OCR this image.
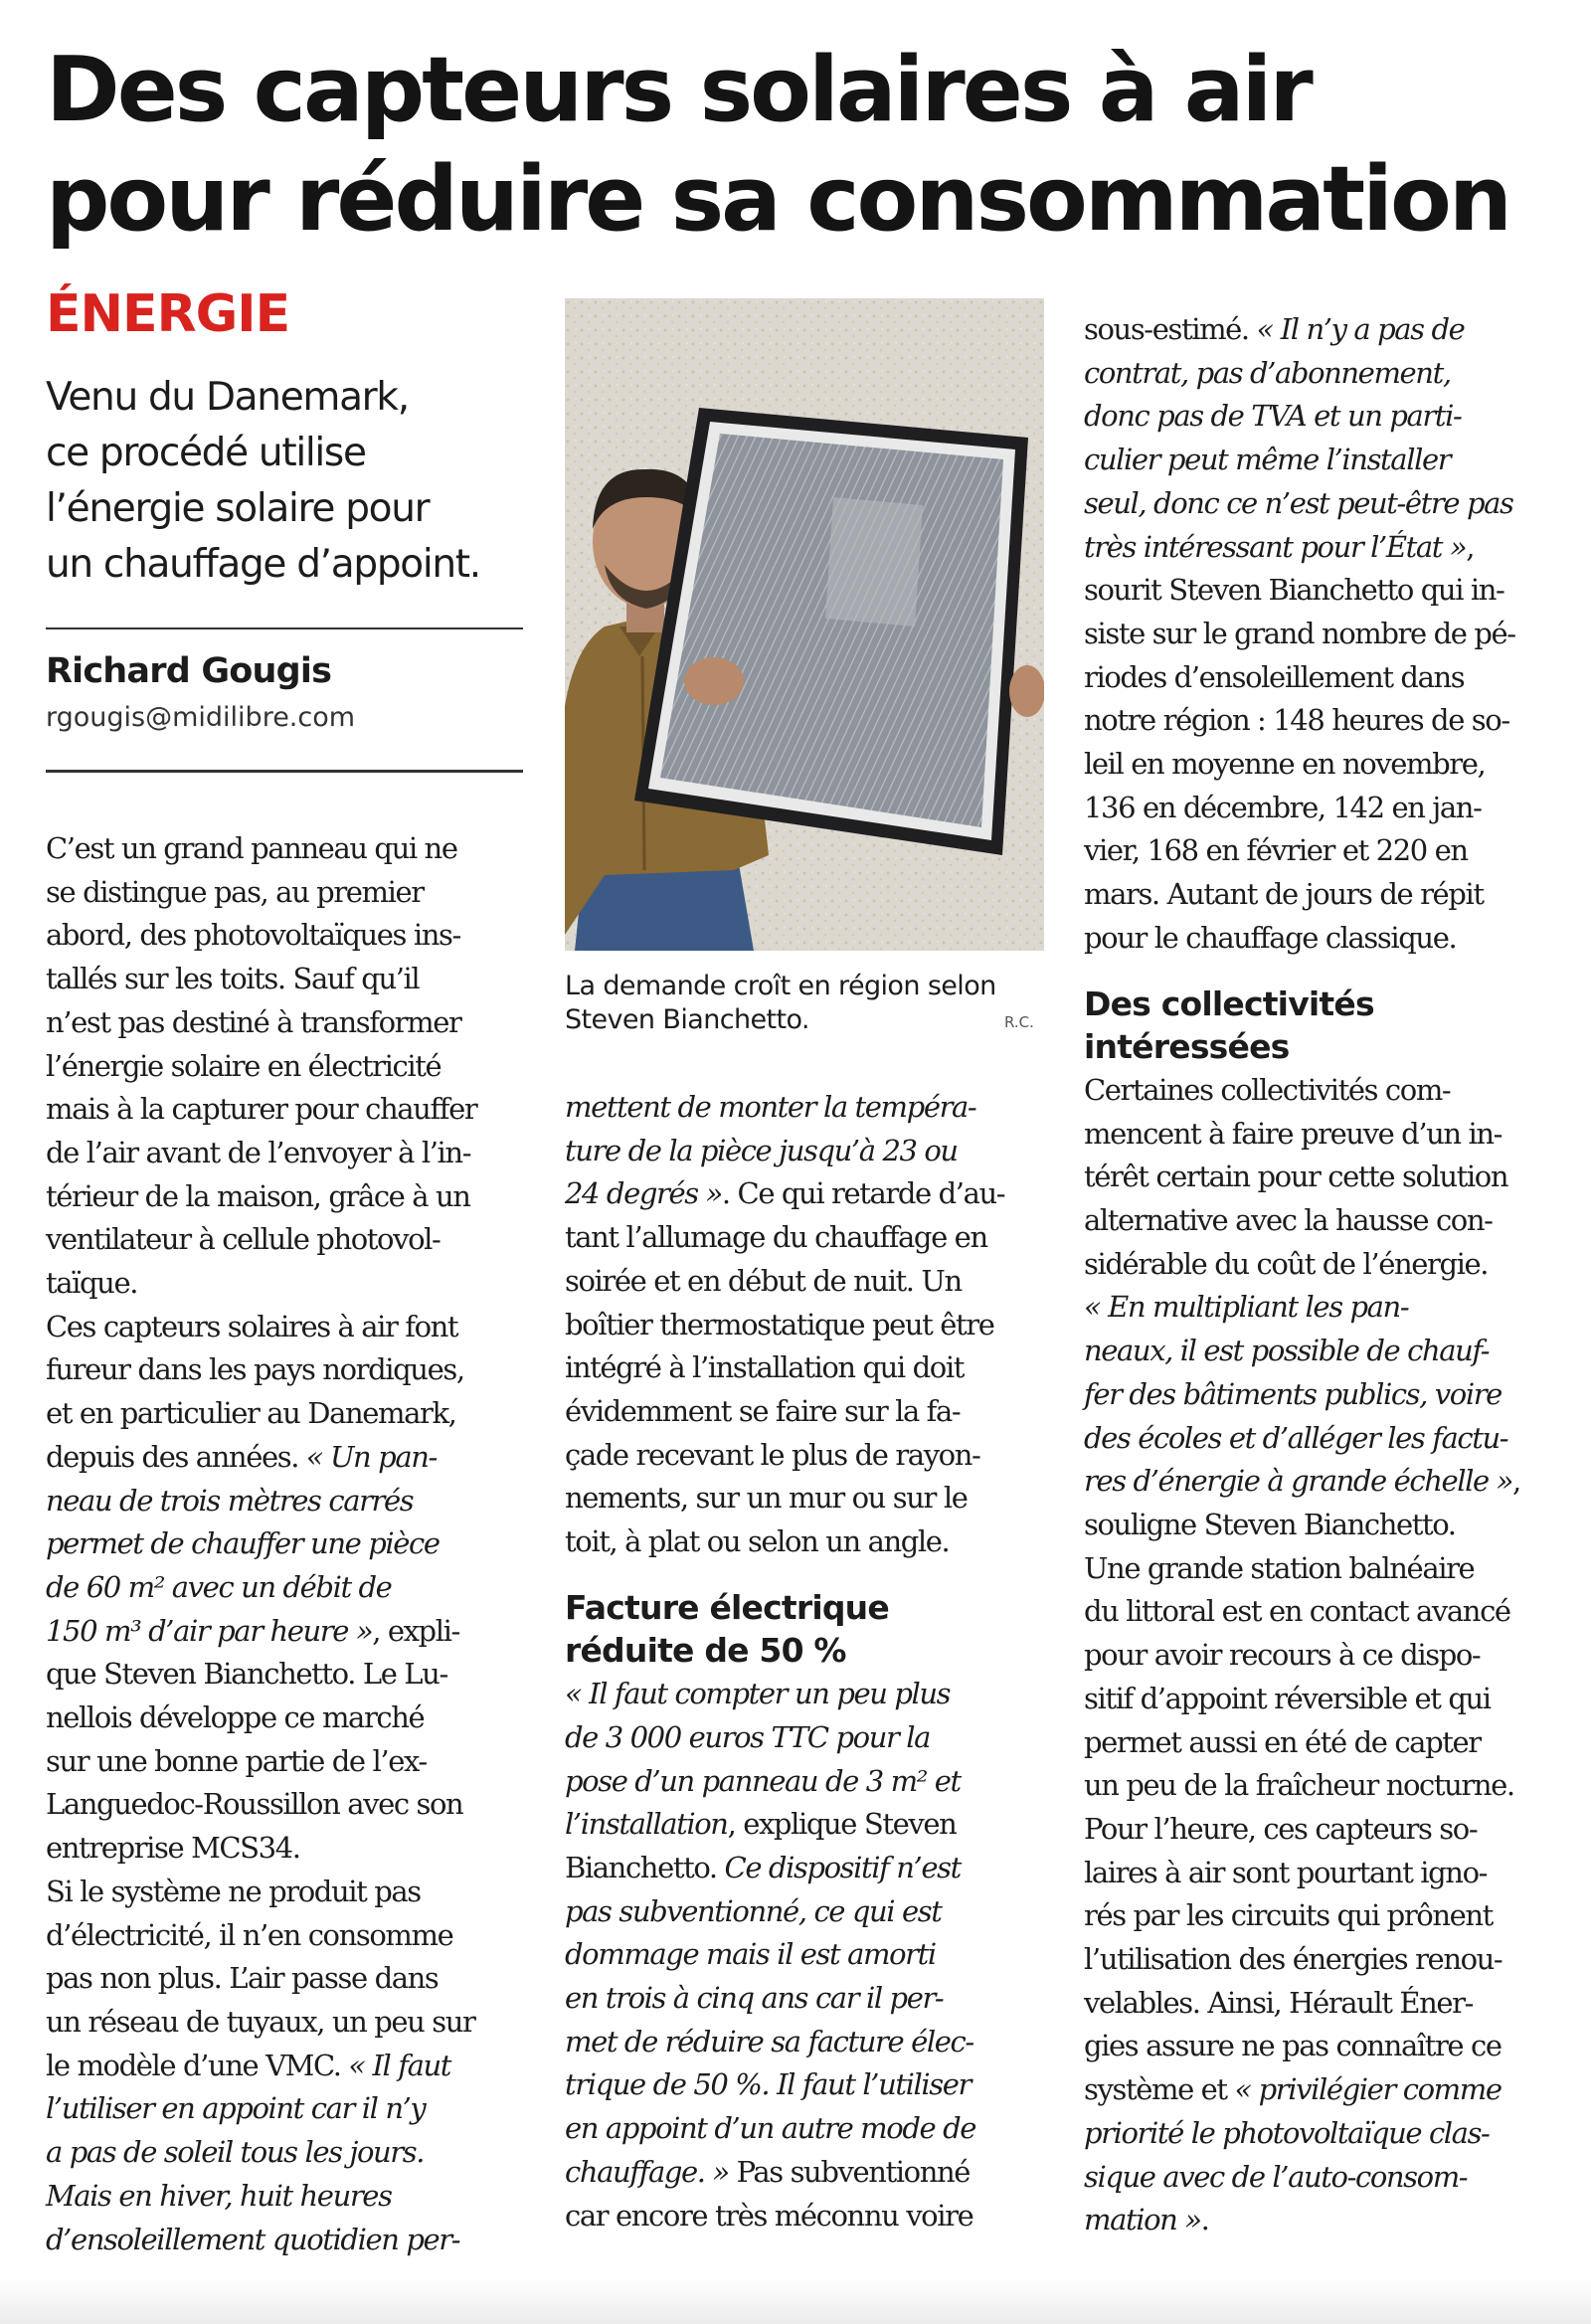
Des capteurs solaires à air
pour réduire sa consommation
ÉNERGIE
Venu du Danemark,
ce procédé utilise
l’énergie solaire pour
un chauffage d’appoint.
Richard Gougis
rgougis@midilibre.com
La demande croît en région selon
Steven Bianchetto.	R.C.

C’est un grand panneau qui ne
se distingue pas, au premier
abord, des photovoltaïques ins-
tallés sur les toits. Sauf qu’il
n’est pas destiné à transformer
l’énergie solaire en électricité
mais à la capturer pour chauffer
de l’air avant de l’envoyer à l’in-
térieur de la maison, grâce à un
ventilateur à cellule photovol-
taïque.

Ces capteurs solaires à air font
fureur dans les pays nordiques,
et en particulier au Danemark,
depuis des années. « Un pan-
neau de trois mètres carrés
permet de chauffer une pièce
de 60 m² avec un débit de
150 m³ d’air par heure », expli-
que Steven Bianchetto. Le Lu-
nellois développe ce marché
sur une bonne partie de l’ex-
Languedoc-Roussillon avec son
entreprise MCS34.

Si le système ne produit pas
d’électricité, il n’en consomme
pas non plus. L’air passe dans
un réseau de tuyaux, un peu sur
le modèle d’une VMC. « Il faut
l’utiliser en appoint car il n’y
a pas de soleil tous les jours.
Mais en hiver, huit heures
d’ensoleillement quotidien per-

mettent de monter la tempéra-
ture de la pièce jusqu’à 23 ou
24 degrés ». Ce qui retarde d’au-
tant l’allumage du chauffage en
soirée et en début de nuit. Un
boîtier thermostatique peut être
intégré à l’installation qui doit
évidemment se faire sur la fa-
çade recevant le plus de rayon-
nements, sur un mur ou sur le
toit, à plat ou selon un angle.

Facture électrique
réduite de 50 %

« Il faut compter un peu plus
de 3 000 euros TTC pour la
pose d’un panneau de 3 m² et
l’installation, explique Steven
Bianchetto. Ce dispositif n’est
pas subventionné, ce qui est
dommage mais il est amorti
en trois à cinq ans car il per-
met de réduire sa facture élec-
trique de 50 %. Il faut l’utiliser
en appoint d’un autre mode de
chauffage. » Pas subventionné
car encore très méconnu voire

sous-estimé. « Il n’y a pas de
contrat, pas d’abonnement,
donc pas de TVA et un parti-
culier peut même l’installer
seul, donc ce n’est peut-être pas
très intéressant pour l’État »,
sourit Steven Bianchetto qui in-
siste sur le grand nombre de pé-
riodes d’ensoleillement dans
notre région : 148 heures de so-
leil en moyenne en novembre,
136 en décembre, 142 en jan-
vier, 168 en février et 220 en
mars. Autant de jours de répit
pour le chauffage classique.

Des collectivités
intéressées

Certaines collectivités com-
mencent à faire preuve d’un in-
térêt certain pour cette solution
alternative avec la hausse con-
sidérable du coût de l’énergie.
« En multipliant les pan-
neaux, il est possible de chauf-
fer des bâtiments publics, voire
des écoles et d’alléger les factu-
res d’énergie à grande échelle »,
souligne Steven Bianchetto.
Une grande station balnéaire
du littoral est en contact avancé
pour avoir recours à ce dispo-
sitif d’appoint réversible et qui
permet aussi en été de capter
un peu de la fraîcheur nocturne.
Pour l’heure, ces capteurs so-
laires à air sont pourtant igno-
rés par les circuits qui prônent
l’utilisation des énergies renou-
velables. Ainsi, Hérault Éner-
gies assure ne pas connaître ce
système et « privilégier comme
priorité le photovoltaïque clas-
sique avec de l’auto-consom-
mation ».
